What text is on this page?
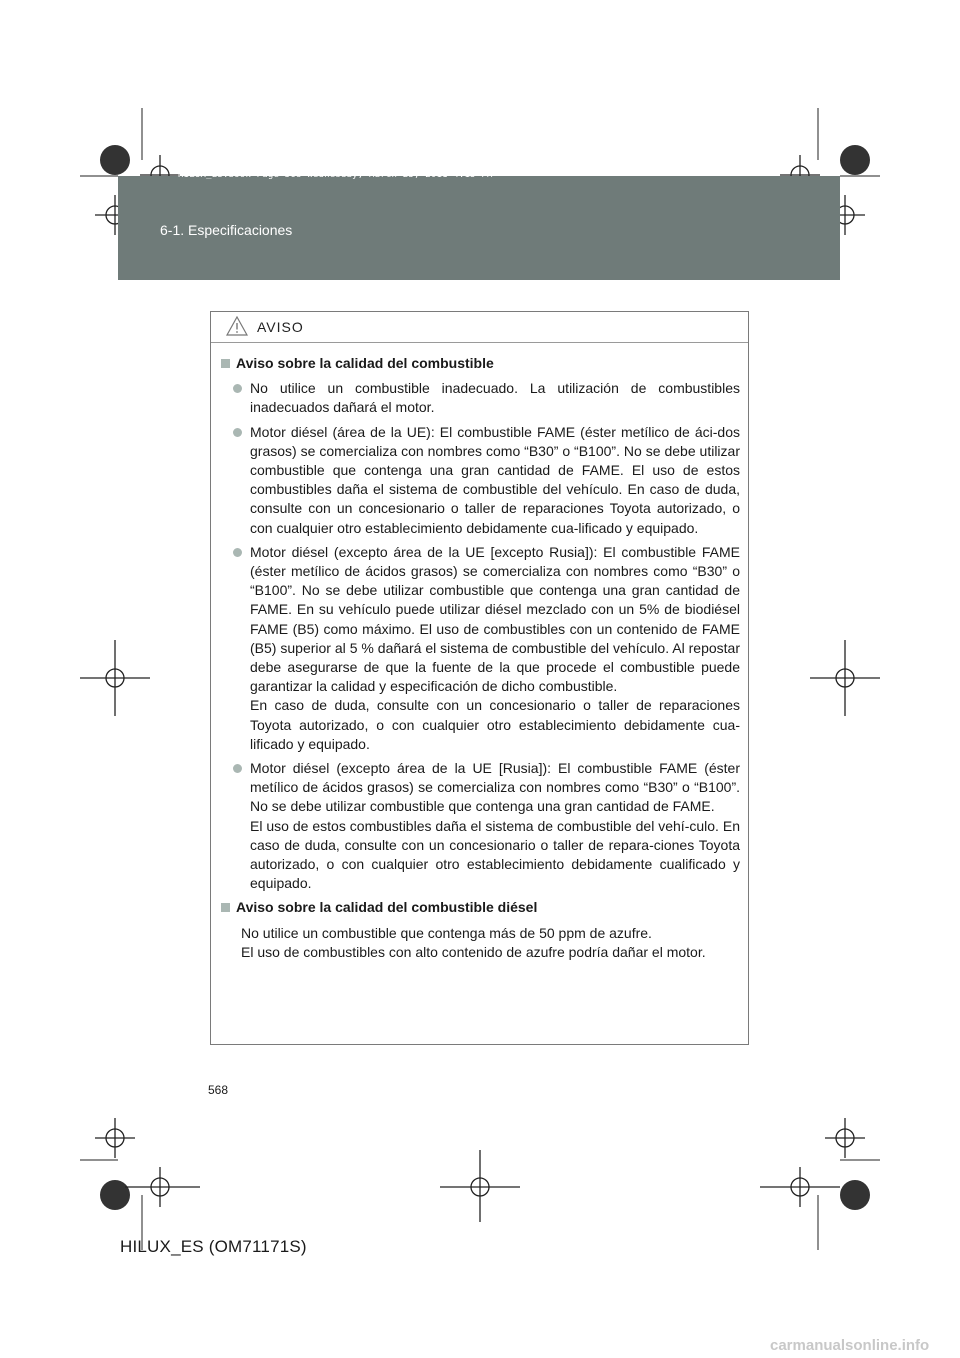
HILUX_ES.book Page 568 Wednesday, March 23, 2011 4:15 PM
6-1. Especificaciones
AVISO
Aviso sobre la calidad del combustible
No utilice un combustible inadecuado. La utilización de combustibles inadecuados dañará el motor.
Motor diésel (área de la UE): El combustible FAME (éster metílico de áci-dos grasos) se comercializa con nombres como “B30” o “B100”. No se debe utilizar combustible que contenga una gran cantidad de FAME. El uso de estos combustibles daña el sistema de combustible del vehículo. En caso de duda, consulte con un concesionario o taller de reparaciones Toyota autorizado, o con cualquier otro establecimiento debidamente cua-lificado y equipado.
Motor diésel (excepto área de la UE [excepto Rusia]): El combustible FAME (éster metílico de ácidos grasos) se comercializa con nombres como “B30” o “B100”. No se debe utilizar combustible que contenga una gran cantidad de FAME. En su vehículo puede utilizar diésel mezclado con un 5% de biodiésel FAME (B5) como máximo. El uso de combustibles con un contenido de FAME (B5) superior al 5 % dañará el sistema de combustible del vehículo. Al repostar debe asegurarse de que la fuente de la que procede el combustible puede garantizar la calidad y especificación de dicho combustible.
En caso de duda, consulte con un concesionario o taller de reparaciones Toyota autorizado, o con cualquier otro establecimiento debidamente cua-lificado y equipado.
Motor diésel (excepto área de la UE [Rusia]): El combustible FAME (éster metílico de ácidos grasos) se comercializa con nombres como “B30” o “B100”. No se debe utilizar combustible que contenga una gran cantidad de FAME.
El uso de estos combustibles daña el sistema de combustible del vehí-culo. En caso de duda, consulte con un concesionario o taller de repara-ciones Toyota autorizado, o con cualquier otro establecimiento debidamente cualificado y equipado.
Aviso sobre la calidad del combustible diésel
No utilice un combustible que contenga más de 50 ppm de azufre.
El uso de combustibles con alto contenido de azufre podría dañar el motor.
568
HILUX_ES (OM71171S)
carmanualsonline.info
